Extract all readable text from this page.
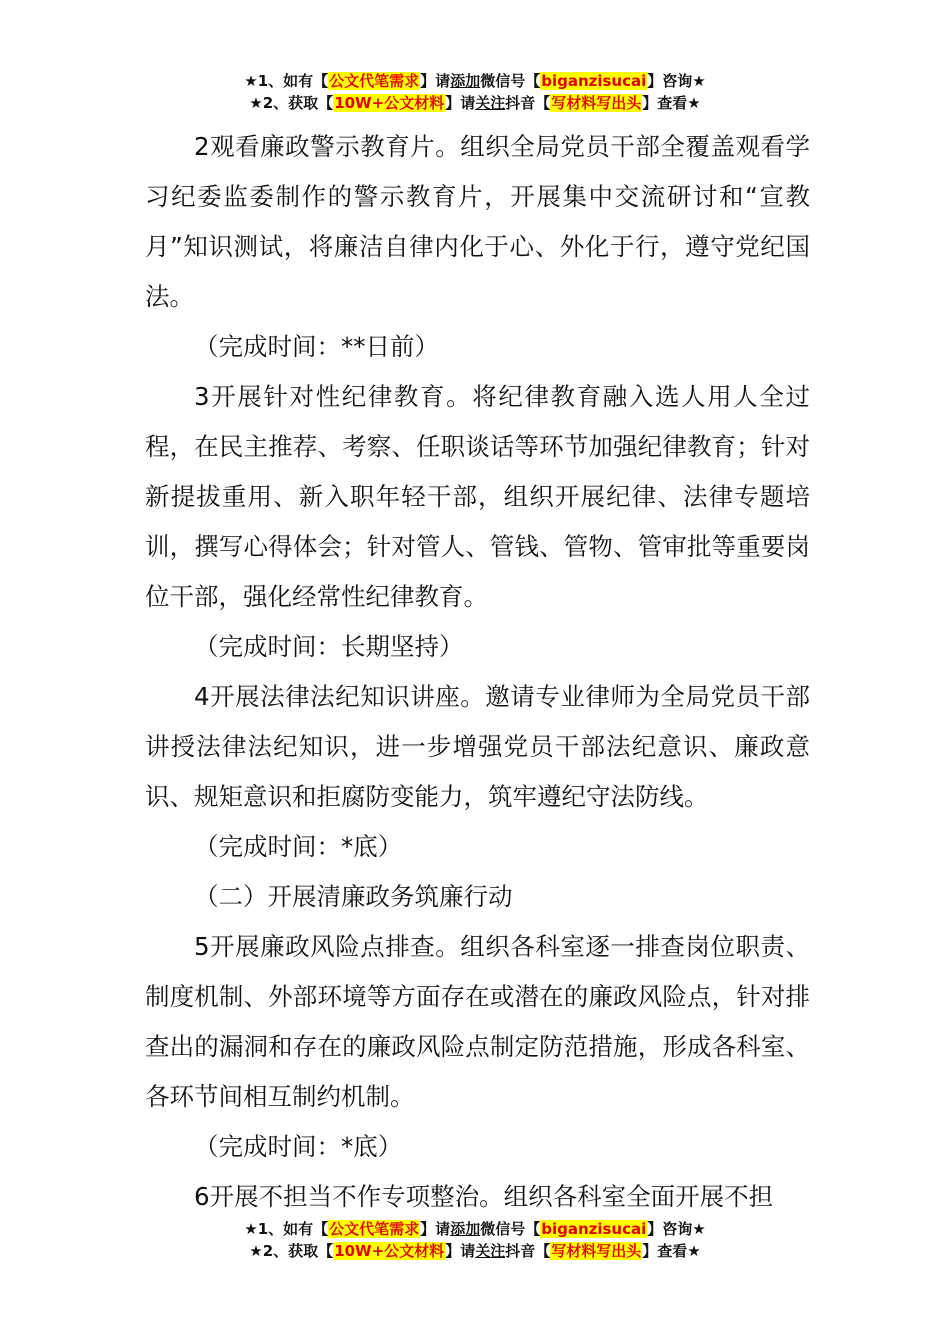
★1、如有【公文代笔需求】请添加微信号【biganzisucai】咨询★
★2、获取【10W+公文材料】请关注抖音【写材料写出头】查看★

2观看廉政警示教育片。组织全局党员干部全覆盖观看学习纪委监委制作的警示教育片，开展集中交流研讨和“宣教月”知识测试，将廉洁自律内化于心、外化于行，遵守党纪国法。

（完成时间：**日前）

3开展针对性纪律教育。将纪律教育融入选人用人全过程，在民主推荐、考察、任职谈话等环节加强纪律教育；针对新提拔重用、新入职年轻干部，组织开展纪律、法律专题培训，撰写心得体会；针对管人、管钱、管物、管审批等重要岗位干部，强化经常性纪律教育。

（完成时间：长期坚持）

4开展法律法纪知识讲座。邀请专业律师为全局党员干部讲授法律法纪知识，进一步增强党员干部法纪意识、廉政意识、规矩意识和拒腐防变能力，筑牢遵纪守法防线。

（完成时间：*底）

（二）开展清廉政务筑廉行动

5开展廉政风险点排查。组织各科室逐一排查岗位职责、制度机制、外部环境等方面存在或潜在的廉政风险点，针对排查出的漏洞和存在的廉政风险点制定防范措施，形成各科室、各环节间相互制约机制。

（完成时间：*底）

6开展不担当不作专项整治。组织各科室全面开展不担

★1、如有【公文代笔需求】请添加微信号【biganzisucai】咨询★
★2、获取【10W+公文材料】请关注抖音【写材料写出头】查看★
